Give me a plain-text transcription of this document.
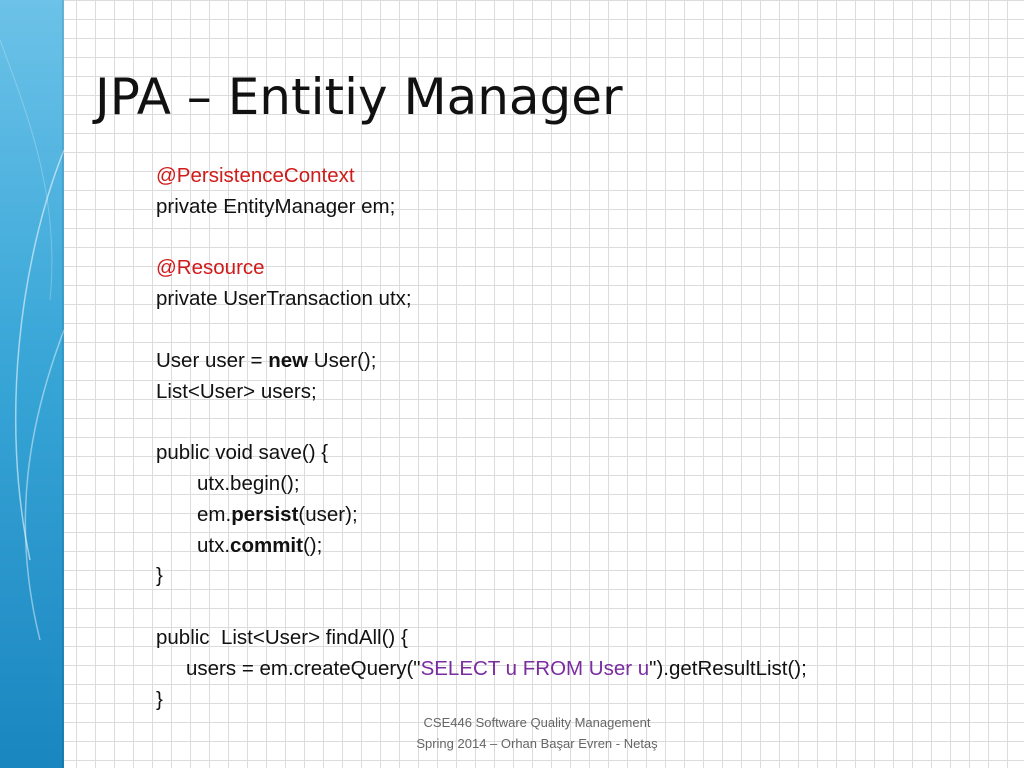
JPA – Entitiy Manager
@PersistenceContext
private EntityManager em;
@Resource
private UserTransaction utx;
User user = new User();
List<User> users;
public void save() {
utx.begin();
em.persist(user);
utx.commit();
}
public  List<User> findAll() {
users = em.createQuery("SELECT u FROM User u").getResultList();
}
CSE446 Software Quality Management
Spring 2014 – Orhan Başar Evren - Netaş
